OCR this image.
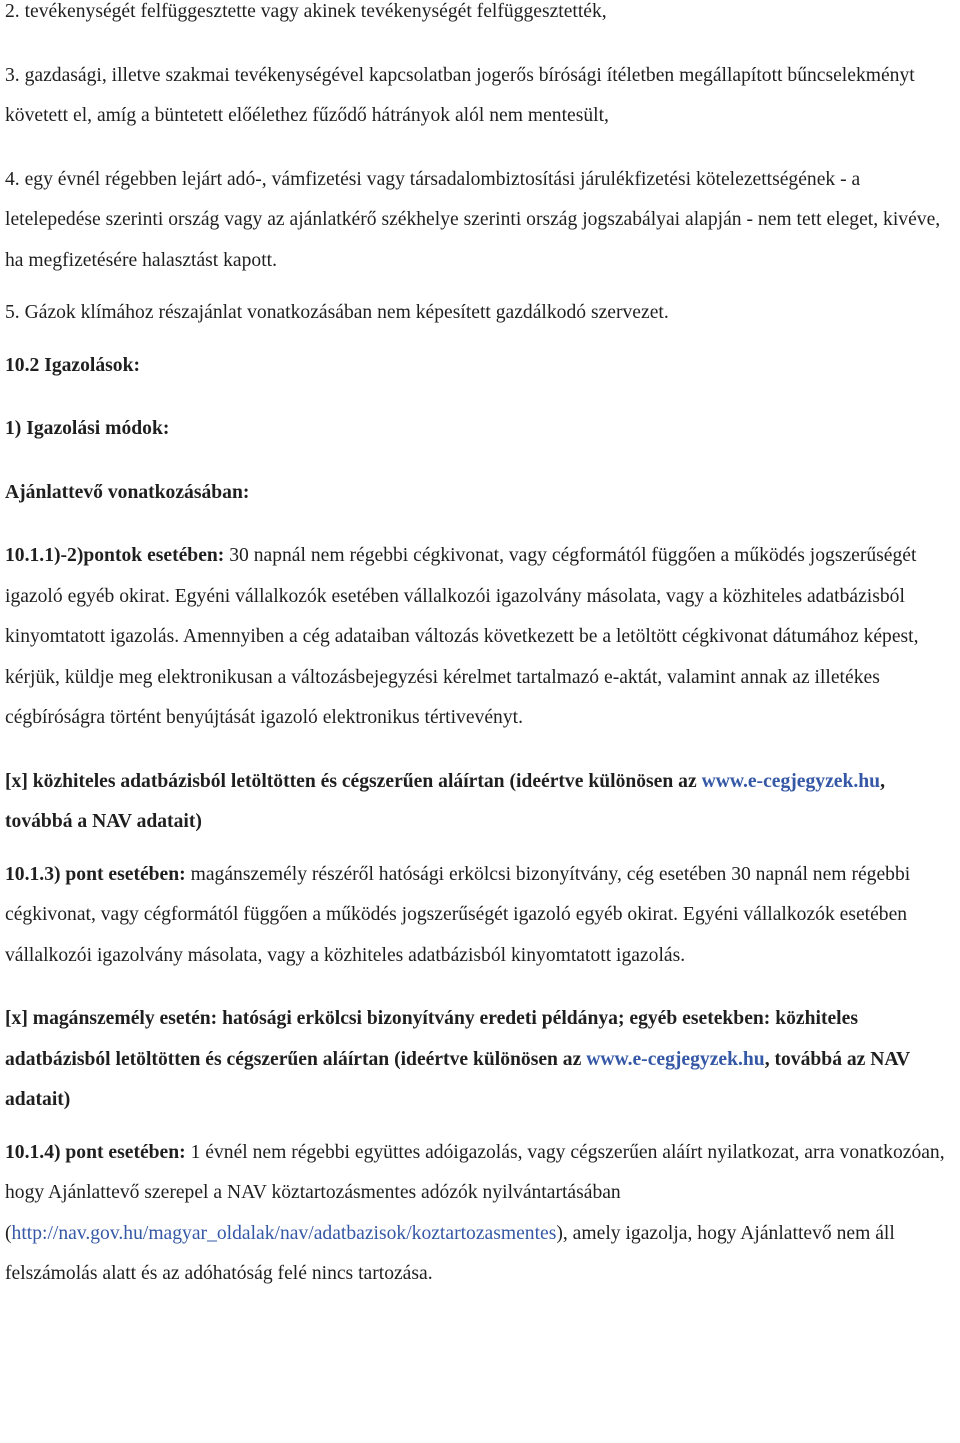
2. tevékenységét felfüggesztette vagy akinek tevékenységét felfüggesztették,

3. gazdasági, illetve szakmai tevékenységével kapcsolatban jogerős bírósági ítéletben megállapított bűncselekményt követett el, amíg a büntetett előélethez fűződő hátrányok alól nem mentesült,

4. egy évnél régebben lejárt adó-, vámfizetési vagy társadalombiztosítási járulékfizetési kötelezettségének - a letelepedése szerinti ország vagy az ajánlatkérő székhelye szerinti ország jogszabályai alapján - nem tett eleget, kivéve, ha megfizetésére halasztást kapott.

5. Gázok klímához részajánlat vonatkozásában nem képesített gazdálkodó szervezet.

10.2 Igazolások:

1) Igazolási módok:

Ajánlattevő vonatkozásában:

10.1.1)-2)pontok esetében: 30 napnál nem régebbi cégkivonat, vagy cégformától függően a működés jogszerűségét igazoló egyéb okirat. Egyéni vállalkozók esetében vállalkozói igazolvány másolata, vagy a közhiteles adatbázisból kinyomtatott igazolás. Amennyiben a cég adataiban változás következett be a letöltött cégkivonat dátumához képest, kérjük, küldje meg elektronikusan a változásbejegyzési kérelmet tartalmazó e-aktát, valamint annak az illetékes cégbíróságra történt benyújtását igazoló elektronikus tértivevényt.

[x] közhiteles adatbázisból letöltötten és cégszerűen aláírtan (ideértve különösen az www.e-cegjegyzek.hu, továbbá a NAV adatait)

10.1.3) pont esetében: magánszemély részéről hatósági erkölcsi bizonyítvány, cég esetében 30 napnál nem régebbi cégkivonat, vagy cégformától függően a működés jogszerűségét igazoló egyéb okirat. Egyéni vállalkozók esetében vállalkozói igazolvány másolata, vagy a közhiteles adatbázisból kinyomtatott igazolás.

[x] magánszemély esetén: hatósági erkölcsi bizonyítvány eredeti példánya; egyéb esetekben: közhiteles adatbázisból letöltötten és cégszerűen aláírtan (ideértve különösen az www.e-cegjegyzek.hu, továbbá az NAV adatait)

10.1.4) pont esetében: 1 évnél nem régebbi együttes adóigazolás, vagy cégszerűen aláírt nyilatkozat, arra vonatkozóan, hogy Ajánlattevő szerepel a NAV köztartozásmentes adózók nyilvántartásában (http://nav.gov.hu/magyar_oldalak/nav/adatbazisok/koztartozasmentes), amely igazolja, hogy Ajánlattevő nem áll felszámolás alatt és az adóhatóság felé nincs tartozása.
